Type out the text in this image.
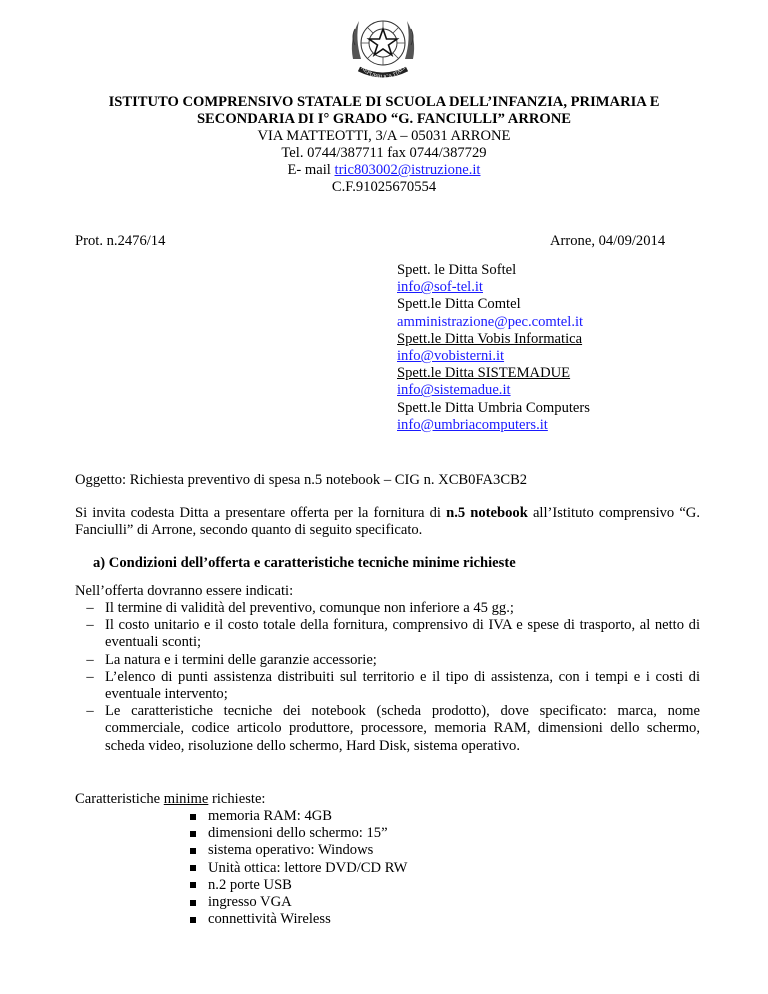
REPUBBLICA ITALIAN
ISTITUTO COMPRENSIVO STATALE DI SCUOLA DELL’INFANZIA, PRIMARIA E
SECONDARIA DI I° GRADO “G. FANCIULLI” ARRONE
VIA MATTEOTTI, 3/A – 05031 ARRONE
Tel. 0744/387711 fax 0744/387729
E- mail tric803002@istruzione.it
C.F.91025670554
Prot. n.2476/14	Arrone, 04/09/2014
Spett. le Ditta Softel
info@sof-tel.it
Spett.le Ditta Comtel
amministrazione@pec.comtel.it
Spett.le Ditta Vobis Informatica
info@vobisterni.it
Spett.le Ditta SISTEMADUE
info@sistemadue.it
Spett.le Ditta Umbria Computers
info@umbriacomputers.it
Oggetto: Richiesta preventivo di spesa n.5 notebook – CIG n. XCB0FA3CB2
Si invita codesta Ditta a presentare offerta per la fornitura di n.5 notebook all’Istituto comprensivo “G. Fanciulli” di Arrone, secondo quanto di seguito specificato.
a) Condizioni dell’offerta e caratteristiche tecniche minime richieste
Nell’offerta dovranno essere indicati:
– Il termine di validità del preventivo, comunque non inferiore a 45 gg.;
– Il costo unitario e il costo totale della fornitura, comprensivo di IVA e spese di trasporto, al netto di eventuali sconti;
– La natura e i termini delle garanzie accessorie;
– L’elenco di punti assistenza distribuiti sul territorio e il tipo di assistenza, con i tempi e i costi di eventuale intervento;
– Le caratteristiche tecniche dei notebook (scheda prodotto), dove specificato: marca, nome commerciale, codice articolo produttore, processore, memoria RAM, dimensioni dello schermo, scheda video, risoluzione dello schermo, Hard Disk, sistema operativo.
Caratteristiche minime richieste:
memoria RAM: 4GB
dimensioni dello schermo: 15”
sistema operativo: Windows
Unità ottica: lettore DVD/CD RW
n.2 porte USB
ingresso VGA
connettività Wireless
